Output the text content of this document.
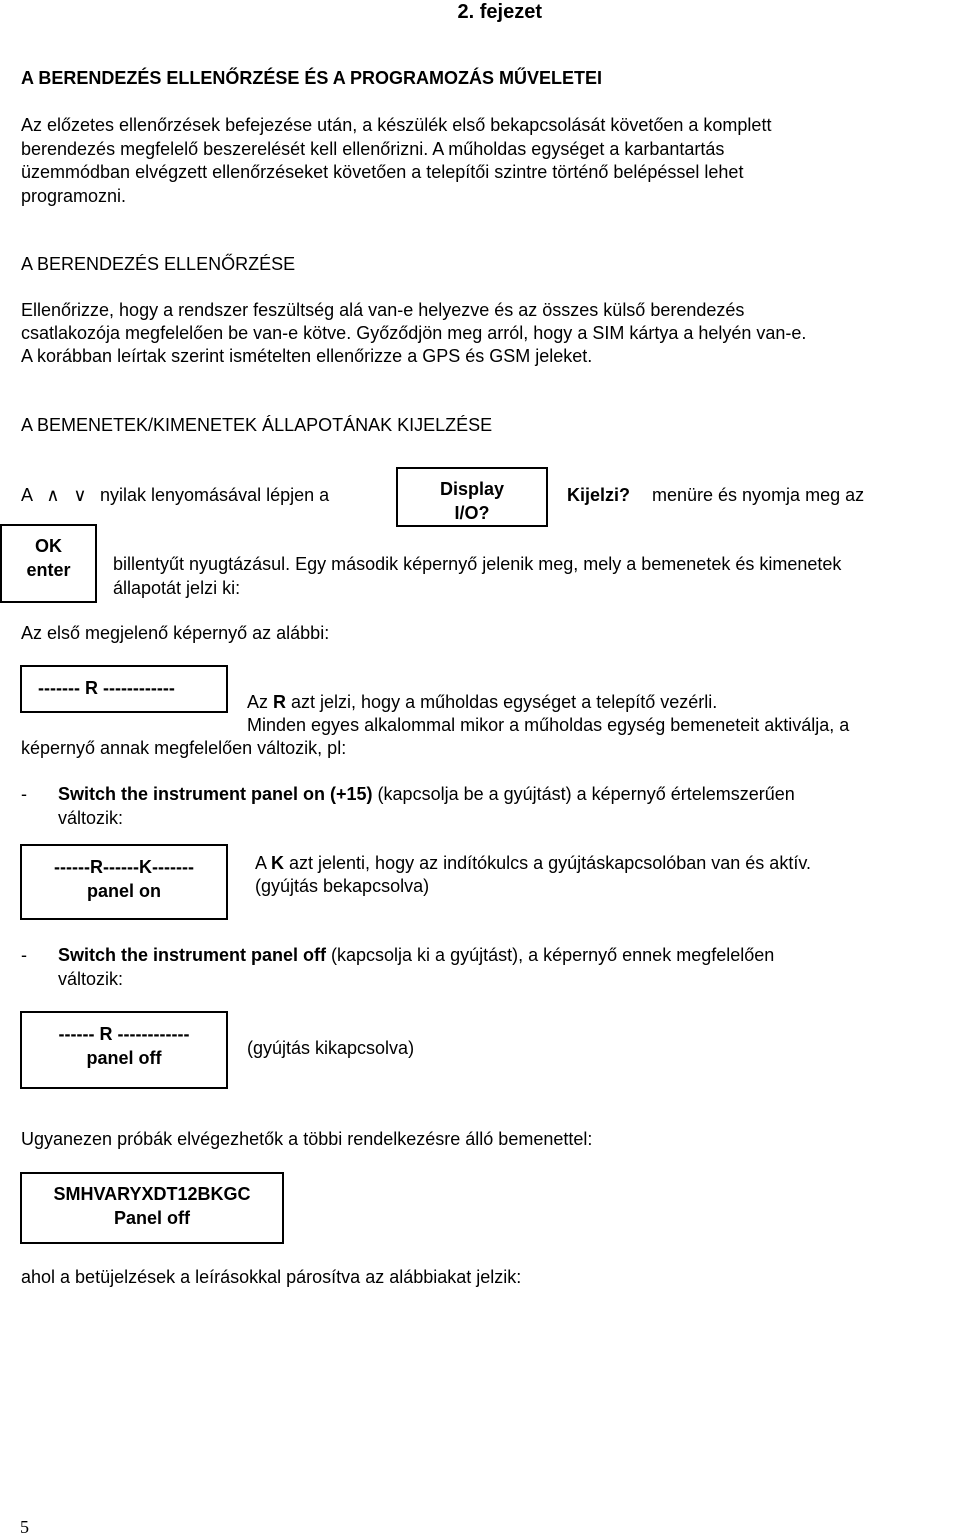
2. fejezet
A BERENDEZÉS ELLENŐRZÉSE ÉS A PROGRAMOZÁS MŰVELETEI
Az előzetes ellenőrzések befejezése után, a készülék első bekapcsolását követően a komplett
berendezés megfelelő beszerelését kell ellenőrizni. A műholdas egységet a karbantartás
üzemmódban elvégzett ellenőrzéseket követően a telepítői szintre történő belépéssel lehet
programozni.
A BERENDEZÉS ELLENŐRZÉSE
Ellenőrizze, hogy a rendszer feszültség alá van-e helyezve és az összes külső berendezés
csatlakozója megfelelően be van-e kötve. Győződjön meg arról, hogy a SIM kártya a helyén van-e.
A korábban leírtak szerint ismételten ellenőrizze a GPS és GSM jeleket.
A BEMENETEK/KIMENETEK ÁLLAPOTÁNAK KIJELZÉSE
A ∧ ∨ nyilak lenyomásával lépjen a	Display
I/O?
Kijelzi? menüre és nyomja meg az
OK
enter	billentyűt nyugtázásul. Egy második képernyő jelenik meg, mely a bemenetek és kimenetek
állapotát jelzi ki:
Az első megjelenő képernyő az alábbi:
------- R ------------
Az R azt jelzi, hogy a műholdas egységet a telepítő vezérli.
Minden egyes alkalommal mikor a műholdas egység bemeneteit aktiválja, a
képernyő annak megfelelően változik, pl:
- Switch the instrument panel on (+15) (kapcsolja be a gyújtást) a képernyő értelemszerűen
változik:
------R------K-------
panel on
A K azt jelenti, hogy az indítókulcs a gyújtáskapcsolóban van és aktív.
(gyújtás bekapcsolva)
- Switch the instrument panel off (kapcsolja ki a gyújtást), a képernyő ennek megfelelően
változik:
------ R ------------
panel off	(gyújtás kikapcsolva)
Ugyanezen próbák elvégezhetők a többi rendelkezésre álló bemenettel:
SMHVARYXDT12BKGC
Panel off
ahol a betüjelzések a leírásokkal párosítva az alábbiakat jelzik:
5
